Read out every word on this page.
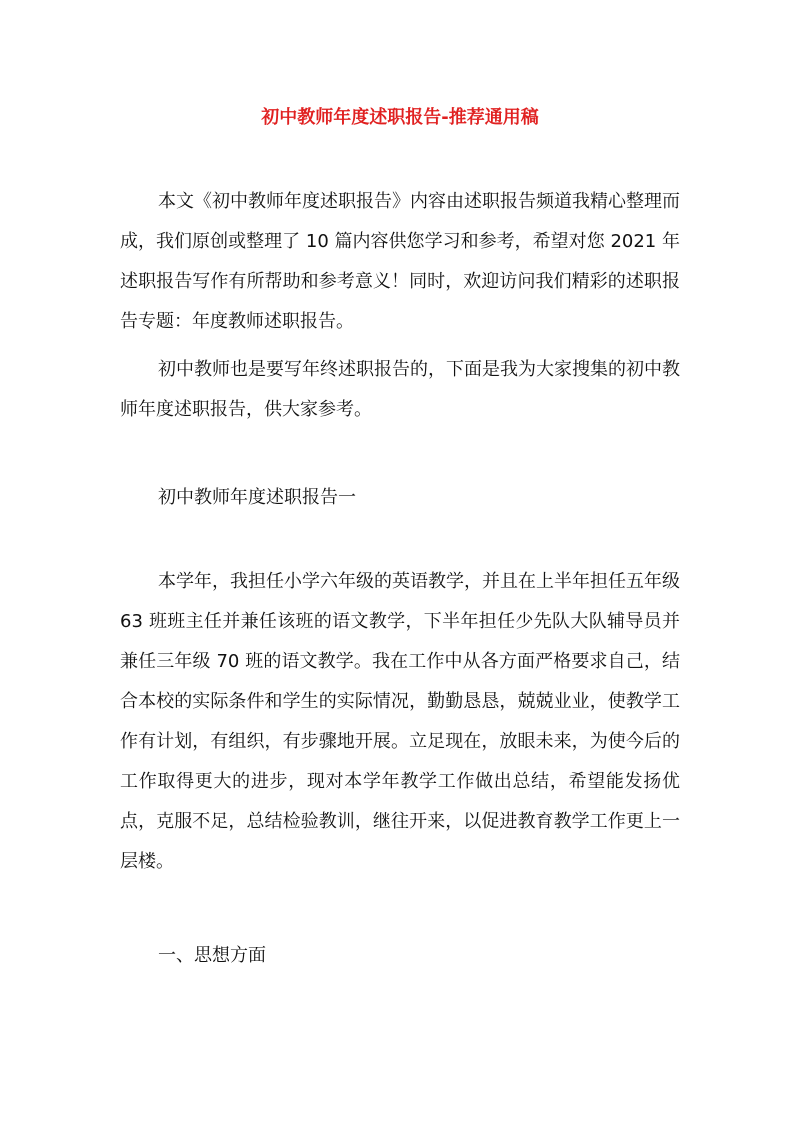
初中教师年度述职报告-推荐通用稿

本文《初中教师年度述职报告》内容由述职报告频道我精心整理而成，我们原创或整理了 10 篇内容供您学习和参考，希望对您 2021 年述职报告写作有所帮助和参考意义！同时，欢迎访问我们精彩的述职报告专题：年度教师述职报告。

初中教师也是要写年终述职报告的，下面是我为大家搜集的初中教师年度述职报告，供大家参考。

初中教师年度述职报告一

本学年，我担任小学六年级的英语教学，并且在上半年担任五年级 63 班班主任并兼任该班的语文教学，下半年担任少先队大队辅导员并兼任三年级 70 班的语文教学。我在工作中从各方面严格要求自己，结合本校的实际条件和学生的实际情况，勤勤恳恳，兢兢业业，使教学工作有计划，有组织，有步骤地开展。立足现在，放眼未来，为使今后的工作取得更大的进步，现对本学年教学工作做出总结，希望能发扬优点，克服不足，总结检验教训，继往开来，以促进教育教学工作更上一层楼。

一、思想方面
